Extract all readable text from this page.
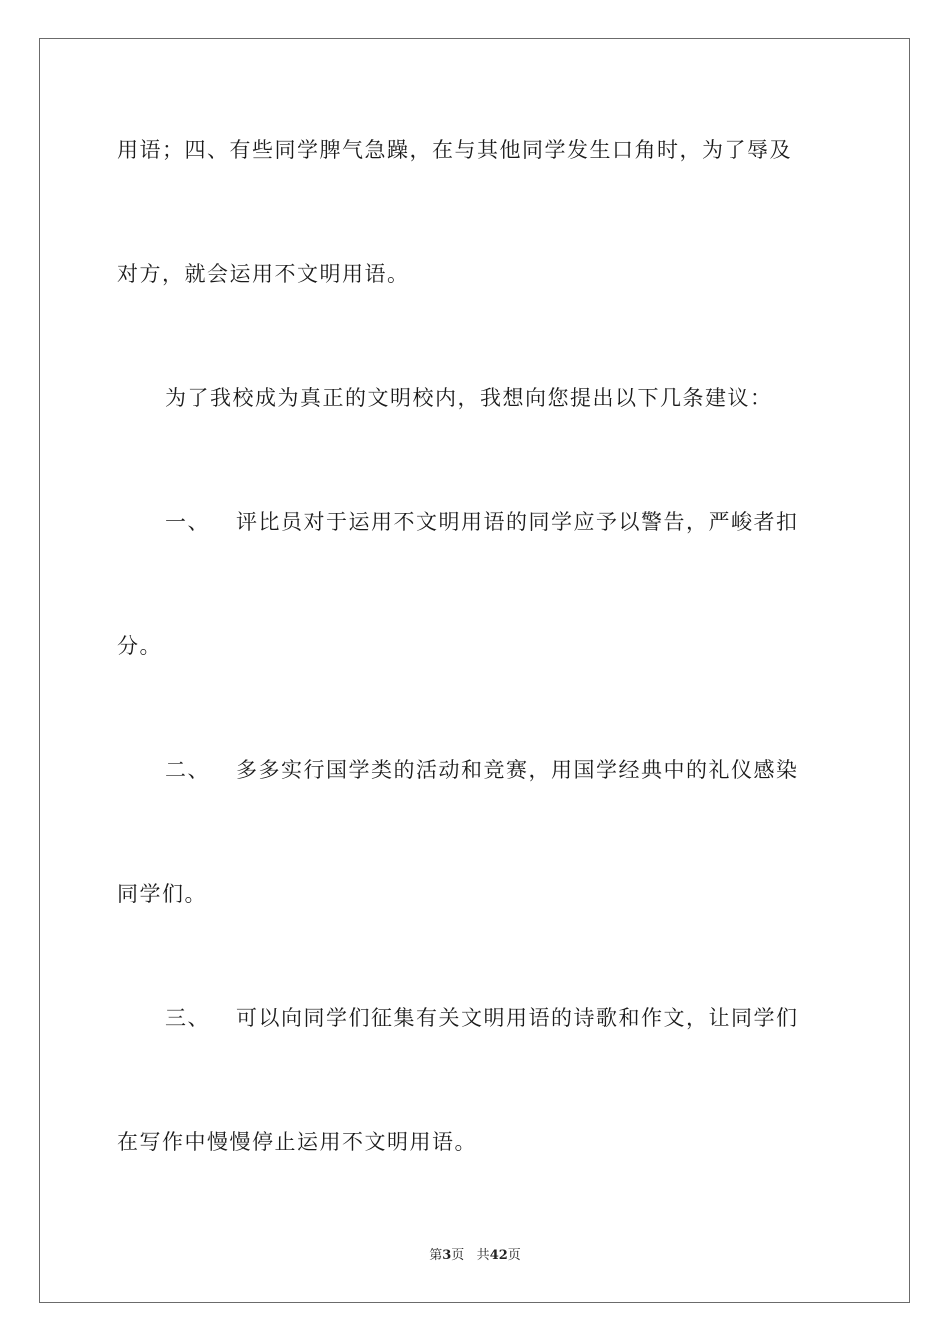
用语；四、有些同学脾气急躁，在与其他同学发生口角时，为了辱及
对方，就会运用不文明用语。
为了我校成为真正的文明校内，我想向您提出以下几条建议：
一、 评比员对于运用不文明用语的同学应予以警告，严峻者扣
分。
二、 多多实行国学类的活动和竞赛，用国学经典中的礼仪感染
同学们。
三、 可以向同学们征集有关文明用语的诗歌和作文，让同学们
在写作中慢慢停止运用不文明用语。
第3页 共42页
